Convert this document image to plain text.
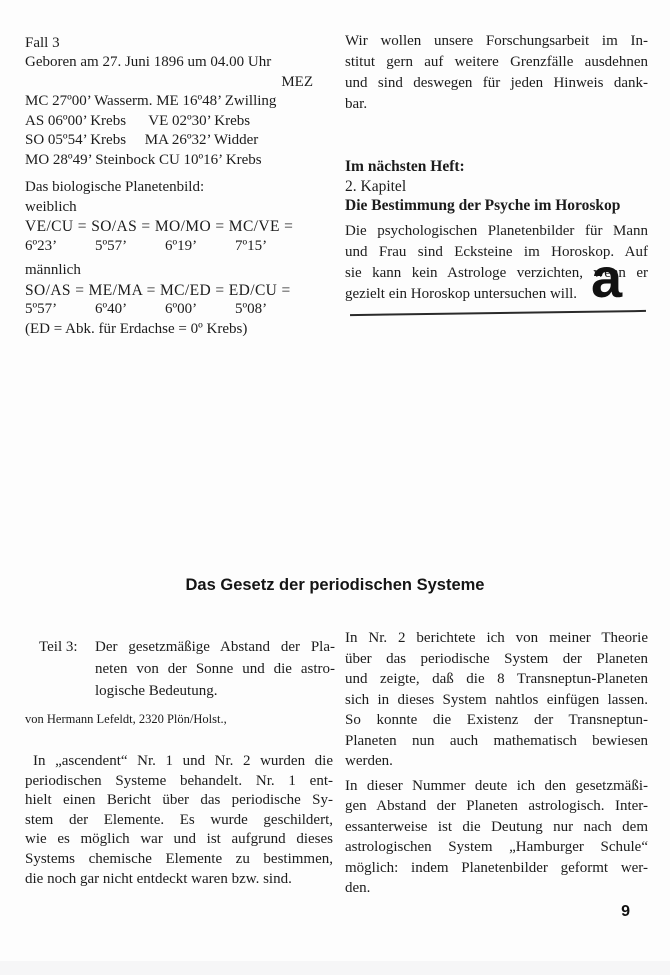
Fall 3
Geboren am 27. Juni 1896 um 04.00 Uhr
MEZ
MC 27º00’ Wasserm. ME 16º48’ Zwilling
AS 06º00’ Krebs      VE 02º30’ Krebs
SO 05º54’ Krebs     MA 26º32’ Widder
MO 28º49’ Steinbock CU 10º16’ Krebs
Das biologische Planetenbild:
weiblich
VE/CU = SO/AS = MO/MO = MC/VE =
6º23’	5º57’	6º19’	7º15’
männlich
SO/AS = ME/MA = MC/ED = ED/CU =
5º57’	6º40’	6º00’	5º08’
(ED = Abk. für Erdachse = 0º Krebs)
Wir wollen unsere Forschungsarbeit im In-
stitut gern auf weitere Grenzfälle ausdehnen
und sind deswegen für jeden Hinweis dank-
bar.
Im nächsten Heft:
2. Kapitel
Die Bestimmung der Psyche im Horoskop
Die psychologischen Planetenbilder für Mann
und Frau sind Ecksteine im Horoskop. Auf
sie kann kein Astrologe verzichten, wenn er
gezielt ein Horoskop untersuchen will. a
Das Gesetz der periodischen Systeme
Teil 3:	Der gesetzmäßige Abstand der Pla-
neten von der Sonne und die astro-
logische Bedeutung.
von Hermann Lefeldt, 2320 Plön/Holst.,
In „ascendent“ Nr. 1 und Nr. 2 wurden die
periodischen Systeme behandelt. Nr. 1 ent-
hielt einen Bericht über das periodische Sy-
stem der Elemente. Es wurde geschildert,
wie es möglich war und ist aufgrund dieses
Systems chemische Elemente zu bestimmen,
die noch gar nicht entdeckt waren bzw. sind.
In Nr. 2 berichtete ich von meiner Theorie
über das periodische System der Planeten
und zeigte, daß die 8 Transneptun-Planeten
sich in dieses System nahtlos einfügen lassen.
So konnte die Existenz der Transneptun-
Planeten nun auch mathematisch bewiesen
werden.
In dieser Nummer deute ich den gesetzmäßi-
gen Abstand der Planeten astrologisch. Inter-
essanterweise ist die Deutung nur nach dem
astrologischen System „Hamburger Schule“
möglich: indem Planetenbilder geformt wer-
den.
9
